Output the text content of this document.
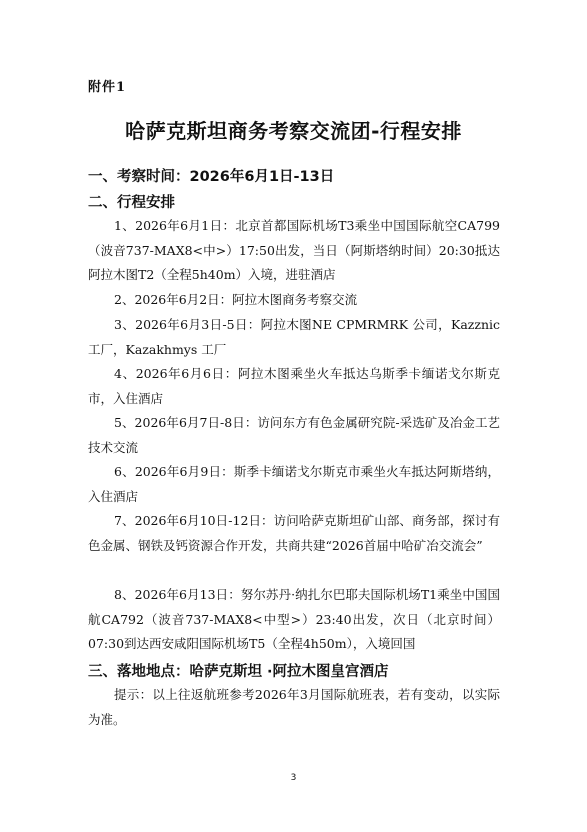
附件1
哈萨克斯坦商务考察交流团-行程安排
一、考察时间：2026年6月1日-13日
二、行程安排
1、2026年6月1日：北京首都国际机场T3乘坐中国国际航空CA799（波音737-MAX8<中>）17:50出发，当日（阿斯塔纳时间）20:30抵达阿拉木图T2（全程5h40m）入境，进驻酒店
2、2026年6月2日：阿拉木图商务考察交流
3、2026年6月3日-5日：阿拉木图NE CPMRMRK 公司，Kazznic工厂，Kazakhmys 工厂
4、2026年6月6日：阿拉木图乘坐火车抵达乌斯季卡缅诺戈尔斯克市，入住酒店
5、2026年6月7日-8日：访问东方有色金属研究院-采选矿及冶金工艺技术交流
6、2026年6月9日：斯季卡缅诺戈尔斯克市乘坐火车抵达阿斯塔纳，入住酒店
7、2026年6月10日-12日：访问哈萨克斯坦矿山部、商务部，探讨有色金属、钢铁及钙资源合作开发，共商共建“2026首届中哈矿冶交流会”
8、2026年6月13日：努尔苏丹·纳扎尔巴耶夫国际机场T1乘坐中国国航CA792（波音737-MAX8<中型>）23:40出发，次日（北京时间）07:30到达西安咸阳国际机场T5（全程4h50m），入境回国
三、落地地点：哈萨克斯坦 ·阿拉木图皇宫酒店
提示：以上往返航班参考2026年3月国际航班表，若有变动，以实际为准。
3
